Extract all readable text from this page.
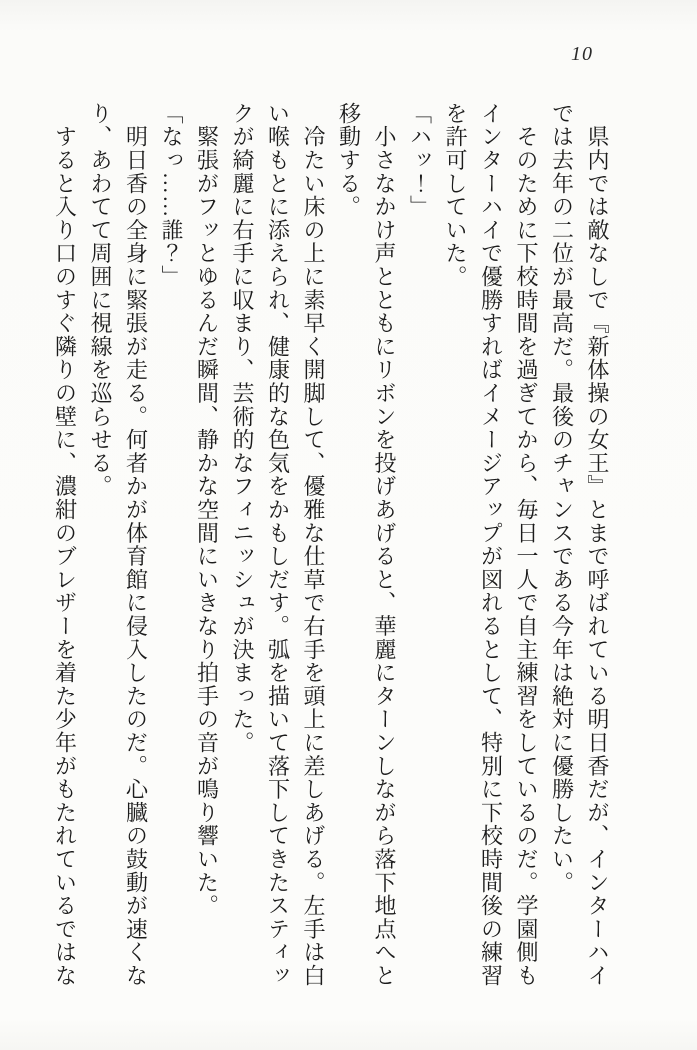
10

　県内では敵なしで『新体操の女王』とまで呼ばれている明日香だが、インターハイでは去年の二位が最高だ。最後のチャンスである今年は絶対に優勝したい。

　そのために下校時間を過ぎてから、毎日一人で自主練習をしているのだ。学園側もインターハイで優勝すればイメージアップが図れるとして、特別に下校時間後の練習を許可していた。

「ハッ！」

　小さなかけ声とともにリボンを投げあげると、華麗にターンしながら落下地点へと移動する。

　冷たい床の上に素早く開脚して、優雅な仕草で右手を頭上に差しあげる。左手は白い喉もとに添えられ、健康的な色気をかもしだす。弧を描いて落下してきたスティックが綺麗に右手に収まり、芸術的なフィニッシュが決まった。

　緊張がフッとゆるんだ瞬間、静かな空間にいきなり拍手の音が鳴り響いた。

「なっ……誰？」

　明日香の全身に緊張が走る。何者かが体育館に侵入したのだ。心臓の鼓動が速くなり、あわてて周囲に視線を巡らせる。

　すると入り口のすぐ隣りの壁に、濃紺のブレザーを着た少年がもたれているではな
